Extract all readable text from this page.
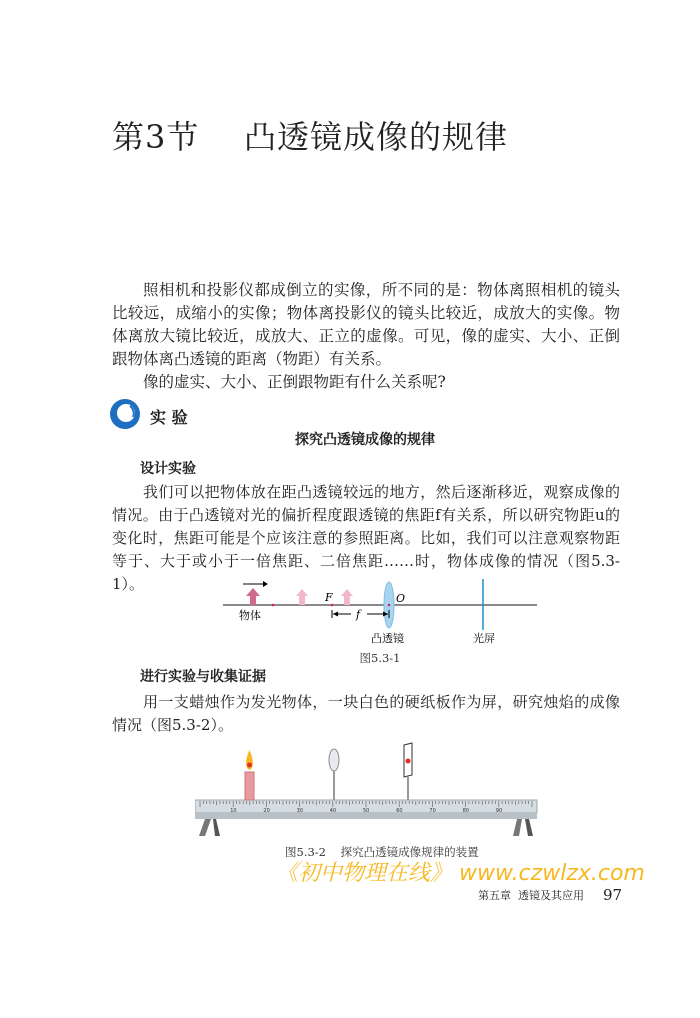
第3节    凸透镜成像的规律

照相机和投影仪都成倒立的实像，所不同的是：物体离照相机的镜头比较远，成缩小的实像；物体离投影仪的镜头比较近，成放大的实像。物体离放大镜比较近，成放大、正立的虚像。可见，像的虚实、大小、正倒跟物体离凸透镜的距离（物距）有关系。

像的虚实、大小、正倒跟物距有什么关系呢?

实 验
探究凸透镜成像的规律
设计实验

我们可以把物体放在距凸透镜较远的地方，然后逐渐移近，观察成像的情况。由于凸透镜对光的偏折程度跟透镜的焦距f有关系，所以研究物距u的变化时，焦距可能是个应该注意的参照距离。比如，我们可以注意观察物距等于、大于或小于一倍焦距、二倍焦距……时，物体成像的情况（图5.3-1）。

物体
F	O
f
凸透镜	光屏
图5.3-1
进行实验与收集证据

用一支蜡烛作为发光物体，一块白色的硬纸板作为屏，研究烛焰的成像情况（图5.3-2）。

10	20	30	40	50	60	70	80	90
图5.3-2    探究凸透镜成像规律的装置
《初中物理在线》 www.czwlzx.com
第五章  透镜及其应用 97
